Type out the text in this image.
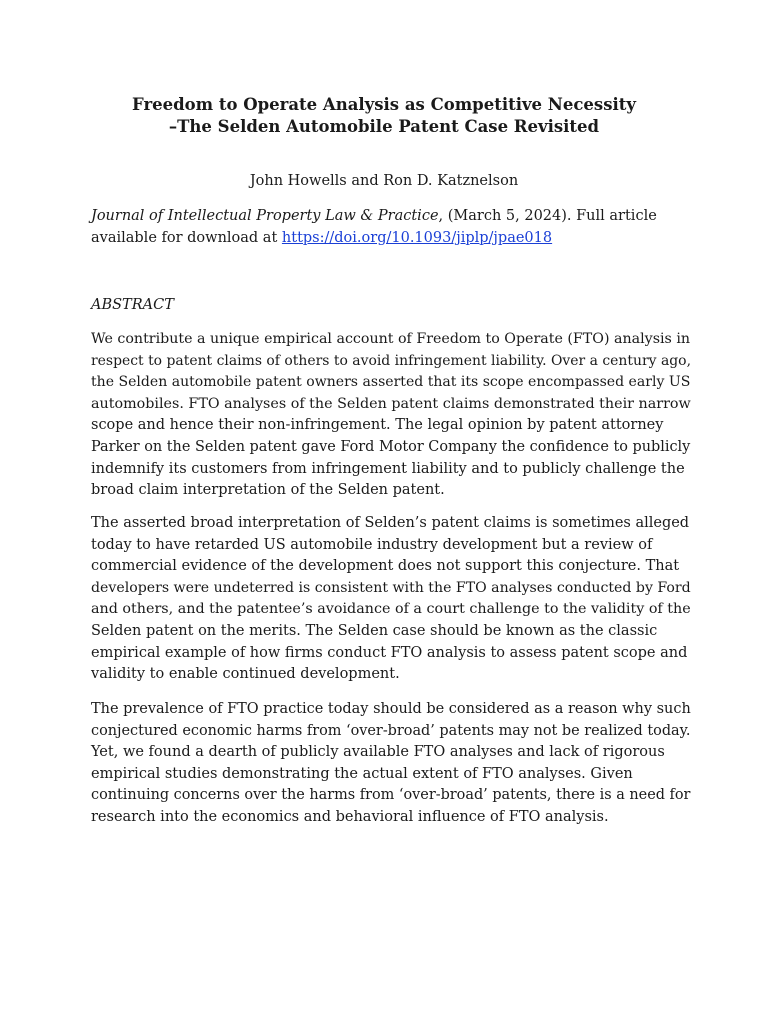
Freedom to Operate Analysis as Competitive Necessity
–The Selden Automobile Patent Case Revisited
John Howells and Ron D. Katznelson
Journal of Intellectual Property Law & Practice, (March 5, 2024). Full article
available for download at https://doi.org/10.1093/jiplp/jpae018
ABSTRACT
We contribute a unique empirical account of Freedom to Operate (FTO) analysis in
respect to patent claims of others to avoid infringement liability. Over a century ago,
the Selden automobile patent owners asserted that its scope encompassed early US
automobiles. FTO analyses of the Selden patent claims demonstrated their narrow
scope and hence their non-infringement. The legal opinion by patent attorney
Parker on the Selden patent gave Ford Motor Company the confidence to publicly
indemnify its customers from infringement liability and to publicly challenge the
broad claim interpretation of the Selden patent.
The asserted broad interpretation of Selden’s patent claims is sometimes alleged
today to have retarded US automobile industry development but a review of
commercial evidence of the development does not support this conjecture. That
developers were undeterred is consistent with the FTO analyses conducted by Ford
and others, and the patentee’s avoidance of a court challenge to the validity of the
Selden patent on the merits. The Selden case should be known as the classic
empirical example of how firms conduct FTO analysis to assess patent scope and
validity to enable continued development.
The prevalence of FTO practice today should be considered as a reason why such
conjectured economic harms from ‘over-broad’ patents may not be realized today.
Yet, we found a dearth of publicly available FTO analyses and lack of rigorous
empirical studies demonstrating the actual extent of FTO analyses. Given
continuing concerns over the harms from ‘over-broad’ patents, there is a need for
research into the economics and behavioral influence of FTO analysis.
